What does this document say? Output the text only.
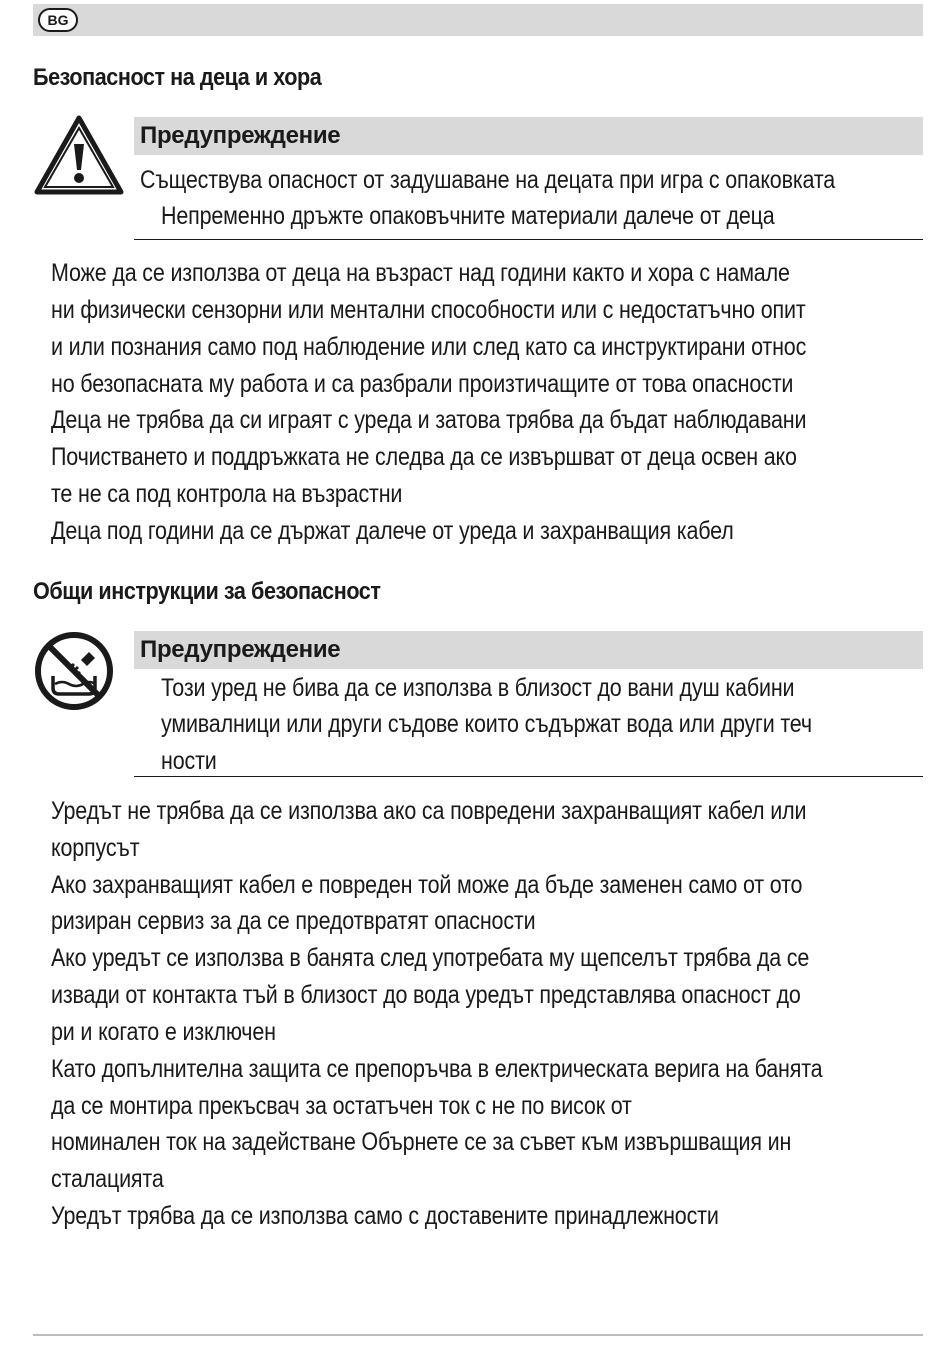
BG
Безопасност на деца и хора
Предупреждение
Съществува опасност от задушаване на децата при игра с опаковката
Непременно дръжте опаковъчните материали далече от деца
Може да се използва от деца на възраст над години както и хора с намале
ни физически сензорни или ментални способности или с недостатъчно опит
и или познания само под наблюдение или след като са инструктирани относ
но безопасната му работа и са разбрали произтичащите от това опасности
Деца не трябва да си играят с уреда и затова трябва да бъдат наблюдавани
Почистването и поддръжката не следва да се извършват от деца освен ако
те не са под контрола на възрастни
Деца под години да се държат далече от уреда и захранващия кабел
Общи инструкции за безопасност
Предупреждение
Този уред не бива да се използва в близост до вани душ кабини
умивалници или други съдове които съдържат вода или други теч
ности
Уредът не трябва да се използва ако са повредени захранващият кабел или
корпусът
Ако захранващият кабел е повреден той може да бъде заменен само от ото
ризиран сервиз за да се предотвратят опасности
Ако уредът се използва в банята след употребата му щепселът трябва да се
извади от контакта тъй в близост до вода уредът представлява опасност до
ри и когато е изключен
Като допълнителна защита се препоръчва в електрическата верига на банята
да се монтира прекъсвач за остатъчен ток с не по висок от
номинален ток на задействане Обърнете се за съвет към извършващия ин
сталацията
Уредът трябва да се използва само с доставените принадлежности
